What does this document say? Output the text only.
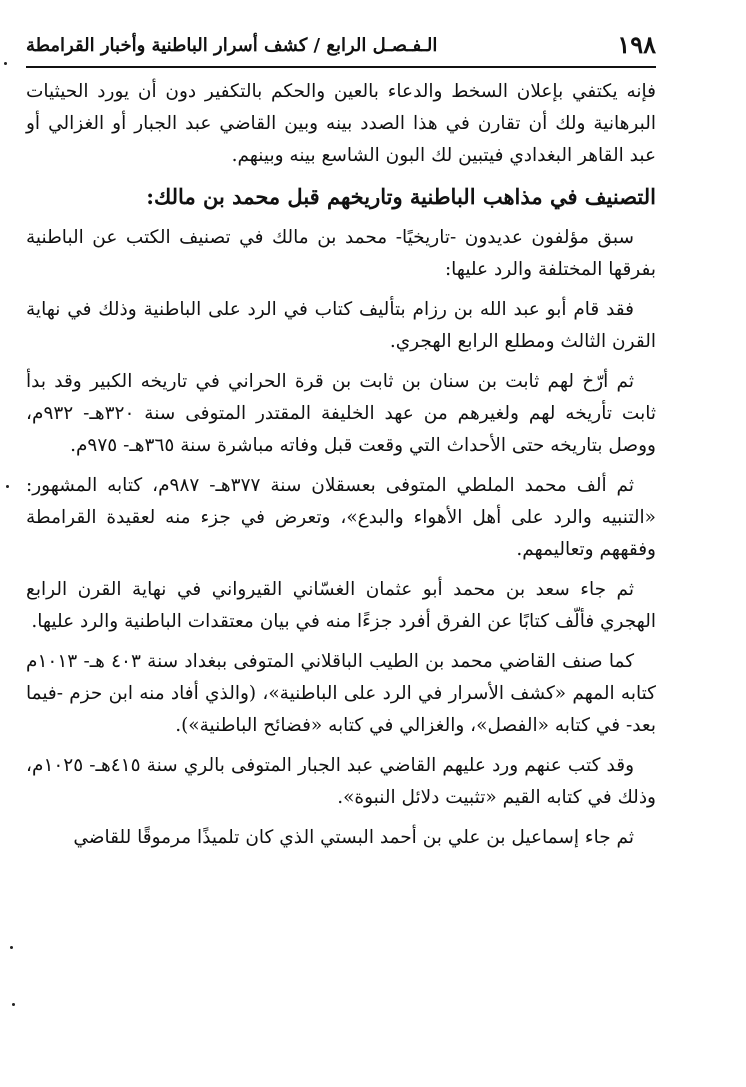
١٩٨
الـفـصـل الرابع / كشف أسرار الباطنية وأخبار القرامطة

فإنه يكتفي بإعلان السخط والدعاء بالعين والحكم بالتكفير دون أن يورد الحيثيات البرهانية ولك أن تقارن في هذا الصدد بينه وبين القاضي عبد الجبار أو الغزالي أو عبد القاهر البغدادي فيتبين لك البون الشاسع بينه وبينهم.

التصنيف في مذاهب الباطنية وتاريخهم قبل محمد بن مالك:

سبق مؤلفون عديدون -تاريخيًا- محمد بن مالك في تصنيف الكتب عن الباطنية بفرقها المختلفة والرد عليها:

فقد قام أبو عبد الله بن رزام بتأليف كتاب في الرد على الباطنية وذلك في نهاية القرن الثالث ومطلع الرابع الهجري.

ثم أرّخ لهم ثابت بن سنان بن ثابت بن قرة الحراني في تاريخه الكبير وقد بدأ ثابت تأريخه لهم ولغيرهم من عهد الخليفة المقتدر المتوفى سنة ٣٢٠هـ- ٩٣٢م، ووصل بتاريخه حتى الأحداث التي وقعت قبل وفاته مباشرة سنة ٣٦٥هـ- ٩٧٥م.

ثم ألف محمد الملطي المتوفى بعسقلان سنة ٣٧٧هـ- ٩٨٧م، كتابه المشهور: «التنبيه والرد على أهل الأهواء والبدع»، وتعرض في جزء منه لعقيدة القرامطة وفقههم وتعاليمهم.

ثم جاء سعد بن محمد أبو عثمان الغسّاني القيرواني في نهاية القرن الرابع الهجري فألّف كتابًا عن الفرق أفرد جزءًا منه في بيان معتقدات الباطنية والرد عليها.

كما صنف القاضي محمد بن الطيب الباقلاني المتوفى ببغداد سنة ٤٠٣ هـ- ١٠١٣م كتابه المهم «كشف الأسرار في الرد على الباطنية»، (والذي أفاد منه ابن حزم -فيما بعد- في كتابه «الفصل»، والغزالي في كتابه «فضائح الباطنية»).

وقد كتب عنهم ورد عليهم القاضي عبد الجبار المتوفى بالري سنة ٤١٥هـ- ١٠٢٥م، وذلك في كتابه القيم «تثبيت دلائل النبوة».

ثم جاء إسماعيل بن علي بن أحمد البستي الذي كان تلميذًا مرموقًا للقاضي
